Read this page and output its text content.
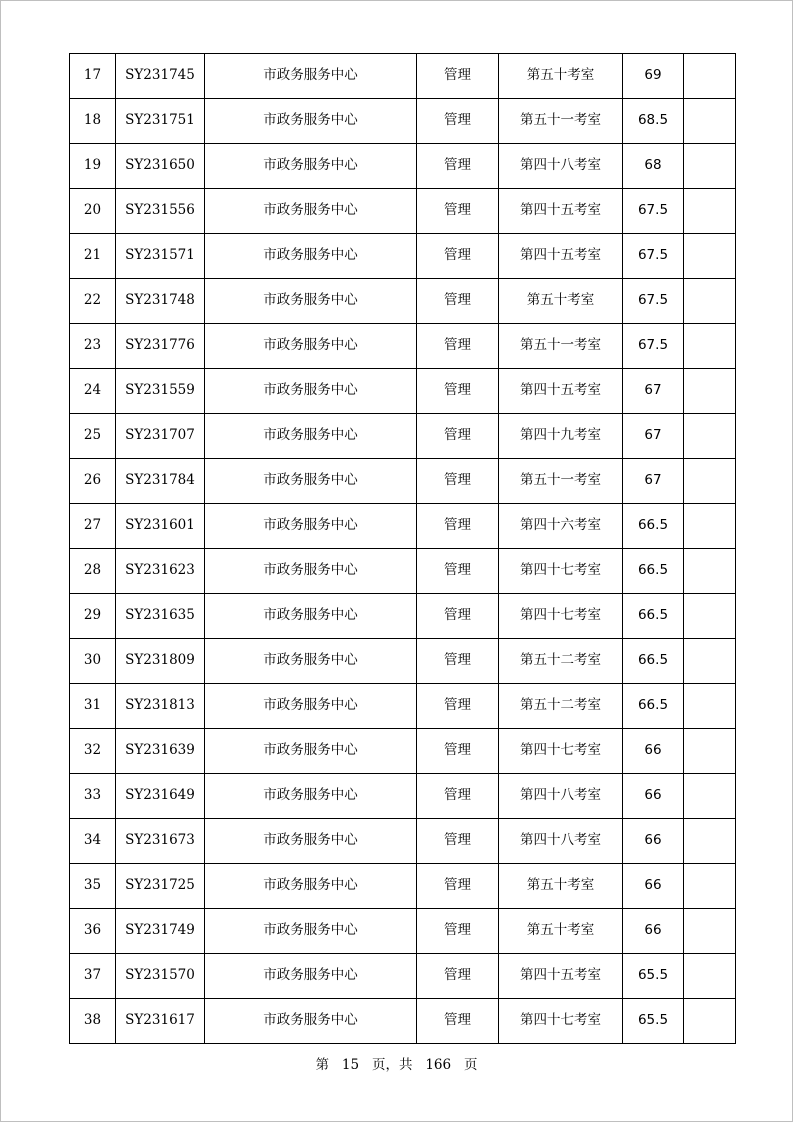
17	SY231745	市政务服务中心	管理	第五十考室	69	
18	SY231751	市政务服务中心	管理	第五十一考室	68.5	
19	SY231650	市政务服务中心	管理	第四十八考室	68	
20	SY231556	市政务服务中心	管理	第四十五考室	67.5	
21	SY231571	市政务服务中心	管理	第四十五考室	67.5	
22	SY231748	市政务服务中心	管理	第五十考室	67.5	
23	SY231776	市政务服务中心	管理	第五十一考室	67.5	
24	SY231559	市政务服务中心	管理	第四十五考室	67	
25	SY231707	市政务服务中心	管理	第四十九考室	67	
26	SY231784	市政务服务中心	管理	第五十一考室	67	
27	SY231601	市政务服务中心	管理	第四十六考室	66.5	
28	SY231623	市政务服务中心	管理	第四十七考室	66.5	
29	SY231635	市政务服务中心	管理	第四十七考室	66.5	
30	SY231809	市政务服务中心	管理	第五十二考室	66.5	
31	SY231813	市政务服务中心	管理	第五十二考室	66.5	
32	SY231639	市政务服务中心	管理	第四十七考室	66	
33	SY231649	市政务服务中心	管理	第四十八考室	66	
34	SY231673	市政务服务中心	管理	第四十八考室	66	
35	SY231725	市政务服务中心	管理	第五十考室	66	
36	SY231749	市政务服务中心	管理	第五十考室	66	
37	SY231570	市政务服务中心	管理	第四十五考室	65.5	
38	SY231617	市政务服务中心	管理	第四十七考室	65.5	
第 15 页，共 166 页
